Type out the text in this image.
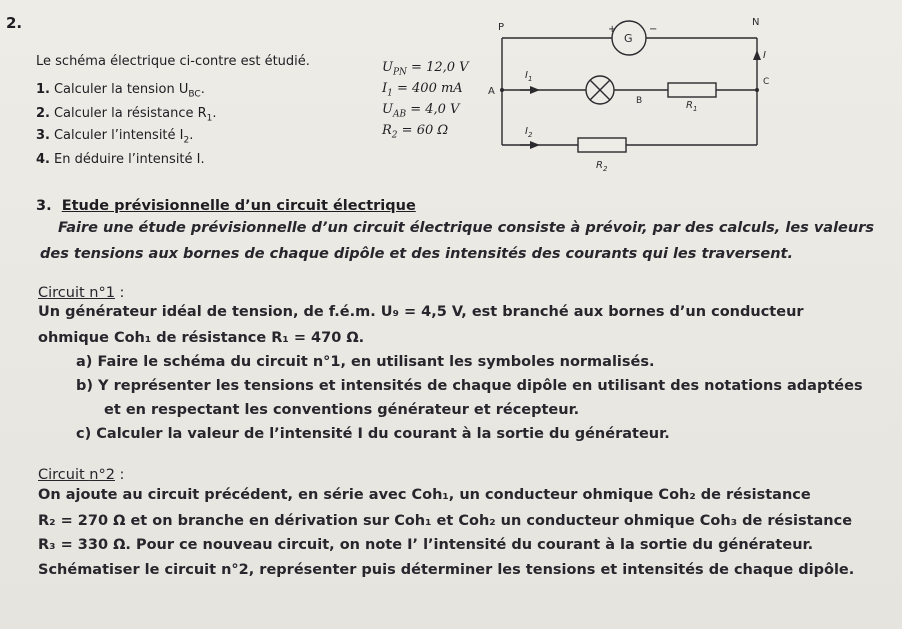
2.
Le schéma électrique ci-contre est étudié.
1. Calculer la tension $U_{BC}$.
2. Calculer la résistance $R_1$.
3. Calculer l’intensité $I_2$.
4. En déduire l’intensité I.
$U_{PN} = 12,0$ V
$I_1 = 400$ mA
$U_{AB} = 4,0$ V
$R_2 = 60$ Ω
P	N
G
+	−
A
B
C
I
$I_1$
$I_2$
$R_1$
$R_2$
3. Etude prévisionnelle d’un circuit électrique
Faire une étude prévisionnelle d’un circuit électrique consiste à prévoir, par des calculs, les valeurs
des tensions aux bornes de chaque dipôle et des intensités des courants qui les traversent.
Circuit n°1 :
Un générateur idéal de tension, de f.é.m. U₉ = 4,5 V, est branché aux bornes d’un conducteur
ohmique Coh₁ de résistance R₁ = 470 Ω.
a) Faire le schéma du circuit n°1, en utilisant les symboles normalisés.
b) Y représenter les tensions et intensités de chaque dipôle en utilisant des notations adaptées
et en respectant les conventions générateur et récepteur.
c) Calculer la valeur de l’intensité I du courant à la sortie du générateur.
Circuit n°2 :
On ajoute au circuit précédent, en série avec Coh₁, un conducteur ohmique Coh₂ de résistance
R₂ = 270 Ω et on branche en dérivation sur Coh₁ et Coh₂ un conducteur ohmique Coh₃ de résistance
R₃ = 330 Ω. Pour ce nouveau circuit, on note I’ l’intensité du courant à la sortie du générateur.
Schématiser le circuit n°2, représenter puis déterminer les tensions et intensités de chaque dipôle.
